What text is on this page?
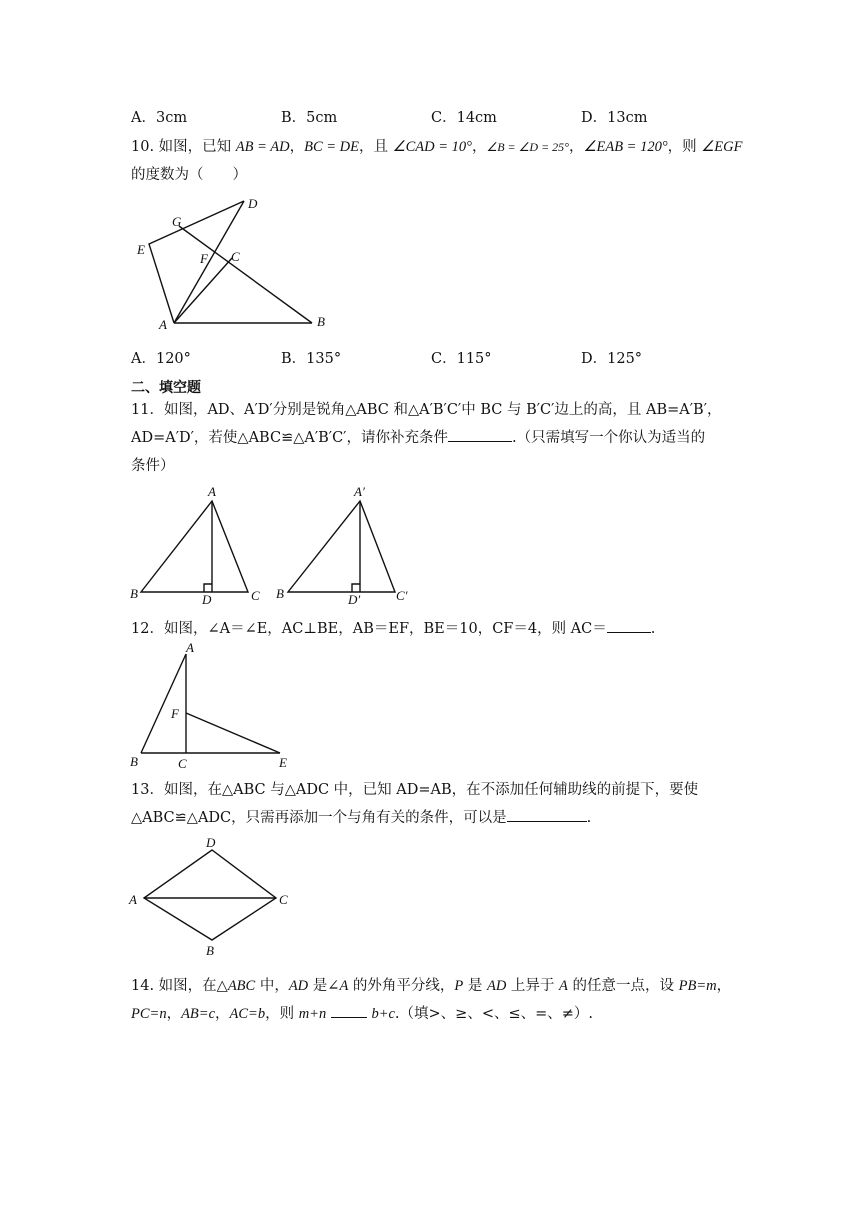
A．3cm	B．5cm	C．14cm	D．13cm
10. 如图，已知 AB = AD，BC = DE，且 ∠CAD = 10°，∠B = ∠D = 25°，∠EAB = 120°，则 ∠EGF
的度数为（　　）
D
G
E
F C
A	B
A．120°	B．135°	C．115°	D．125°
二、填空题
11．如图，AD、A′D′分别是锐角△ABC 和△A′B′C′中 BC 与 B′C′边上的高，且 AB=A′B′，
AD=A′D′，若使△ABC≌△A′B′C′，请你补充条件	.（只需填写一个你认为适当的
条件）
A
B	C
D
A′
B	C′
D′
12．如图，∠A＝∠E，AC⊥BE，AB＝EF，BE＝10，CF＝4，则 AC＝	.
A
F
B	C	E
13．如图，在△ABC 与△ADC 中，已知 AD=AB，在不添加任何辅助线的前提下，要使
△ABC≌△ADC，只需再添加一个与角有关的条件，可以是	.
D
A	C
B
14. 如图，在△ABC 中，AD 是∠A 的外角平分线，P 是 AD 上异于 A 的任意一点，设 PB=m，
PC=n，AB=c，AC=b，则 m+n	b+c.（填>、≥、<、≤、=、≠）.
